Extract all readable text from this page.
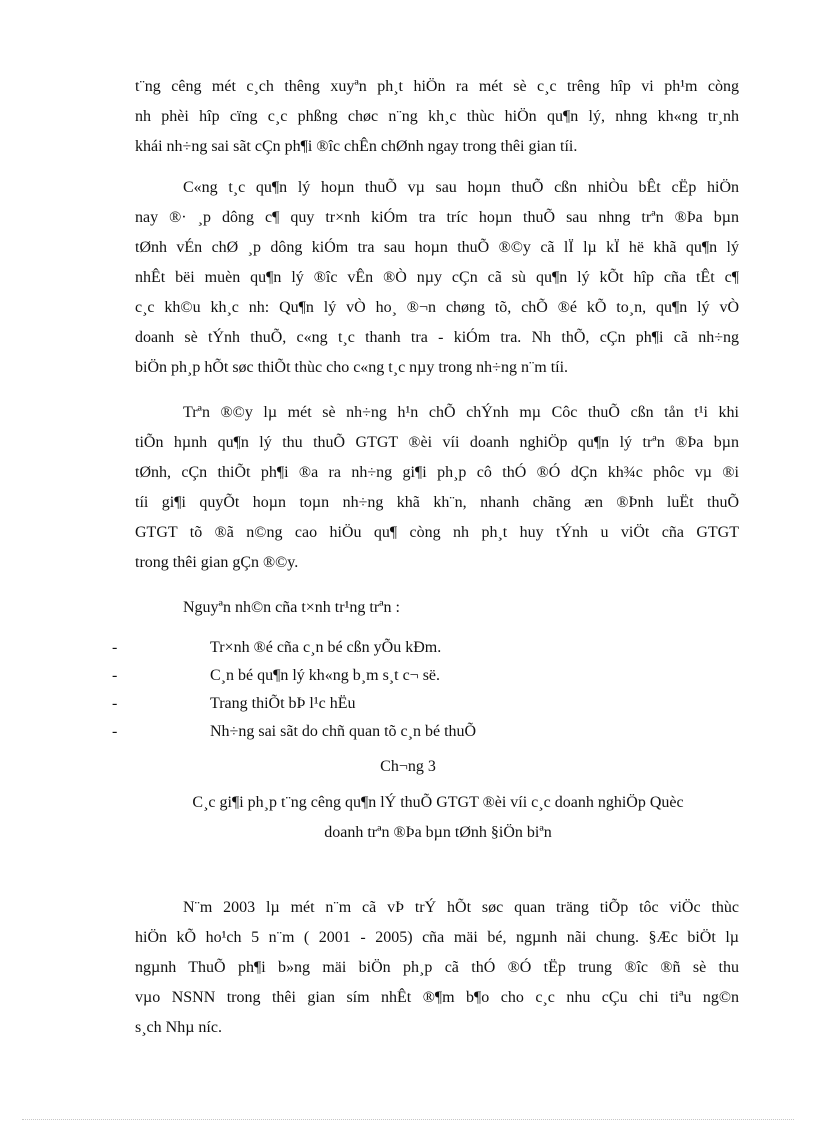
t¨ng cêng mét c¸ch thêng xuyªn ph¸t hiÖn ra mét sè c¸c trêng hîp vi ph¹m còng
nh phèi hîp cïng c¸c phßng chøc n¨ng kh¸c thùc hiÖn qu¶n lý, nhng kh«ng tr¸nh
khái nh÷ng sai sãt cÇn ph¶i ®îc chÊn chØnh ngay trong thêi gian tíi.
C«ng t¸c qu¶n lý hoµn thuÕ vµ sau hoµn thuÕ cßn nhiÒu bÊt cËp hiÖn
nay ®· ¸p dông c¶ quy tr×nh kiÓm tra tríc hoµn thuÕ sau nhng trªn ®Þa bµn
tØnh vÉn chØ ¸p dông kiÓm tra sau hoµn thuÕ ®©y cã lÏ lµ kÏ hë khã qu¶n lý
nhÊt bëi muèn qu¶n lý ®îc vÊn ®Ò nµy cÇn cã sù qu¶n lý kÕt hîp cña tÊt c¶
c¸c kh©u kh¸c nh: Qu¶n lý vÒ ho¸ ®¬n chøng tõ, chÕ ®é kÕ to¸n, qu¶n lý vÒ
doanh sè tÝnh thuÕ, c«ng t¸c thanh tra - kiÓm tra. Nh thÕ, cÇn ph¶i cã nh÷ng
biÖn ph¸p hÕt søc thiÕt thùc cho c«ng t¸c nµy trong nh÷ng n¨m tíi.
Trªn ®©y lµ mét sè nh÷ng h¹n chÕ chÝnh mµ Côc thuÕ cßn tån t¹i khi
tiÕn hµnh qu¶n lý thu thuÕ GTGT ®èi víi doanh nghiÖp qu¶n lý trªn ®Þa bµn
tØnh, cÇn thiÕt ph¶i ®a ra nh÷ng gi¶i ph¸p cô thÓ ®Ó dÇn kh¾c phôc vµ ®i
tíi gi¶i quyÕt hoµn toµn nh÷ng khã kh¨n, nhanh chãng æn ®Þnh luËt thuÕ
GTGT tõ ®ã n©ng cao hiÖu qu¶ còng nh ph¸t huy tÝnh u viÖt cña GTGT
trong thêi gian gÇn ®©y.

Nguyªn nh©n cña t×nh tr¹ng trªn :

-	Tr×nh ®é cña c¸n bé cßn yÕu kÐm.
-	C¸n bé qu¶n lý kh«ng b¸m s¸t c¬ së.
-	Trang thiÕt bÞ l¹c hËu
-	Nh÷ng sai sãt do chñ quan tõ c¸n bé thuÕ

Ch¬ng 3

C¸c gi¶i ph¸p t¨ng cêng qu¶n lÝ thuÕ GTGT ®èi víi c¸c doanh nghiÖp Quèc
doanh trªn ®Þa bµn tØnh §iÖn biªn
N¨m 2003 lµ mét n¨m cã vÞ trÝ hÕt søc quan träng tiÕp tôc viÖc thùc
hiÖn kÕ ho¹ch 5 n¨m ( 2001 - 2005) cña mäi bé, ngµnh nãi chung. §Æc biÖt lµ
ngµnh ThuÕ ph¶i b»ng mäi biÖn ph¸p cã thÓ ®Ó tËp trung ®îc ®ñ sè thu
vµo NSNN trong thêi gian sím nhÊt ®¶m b¶o cho c¸c nhu cÇu chi tiªu ng©n
s¸ch Nhµ níc.
